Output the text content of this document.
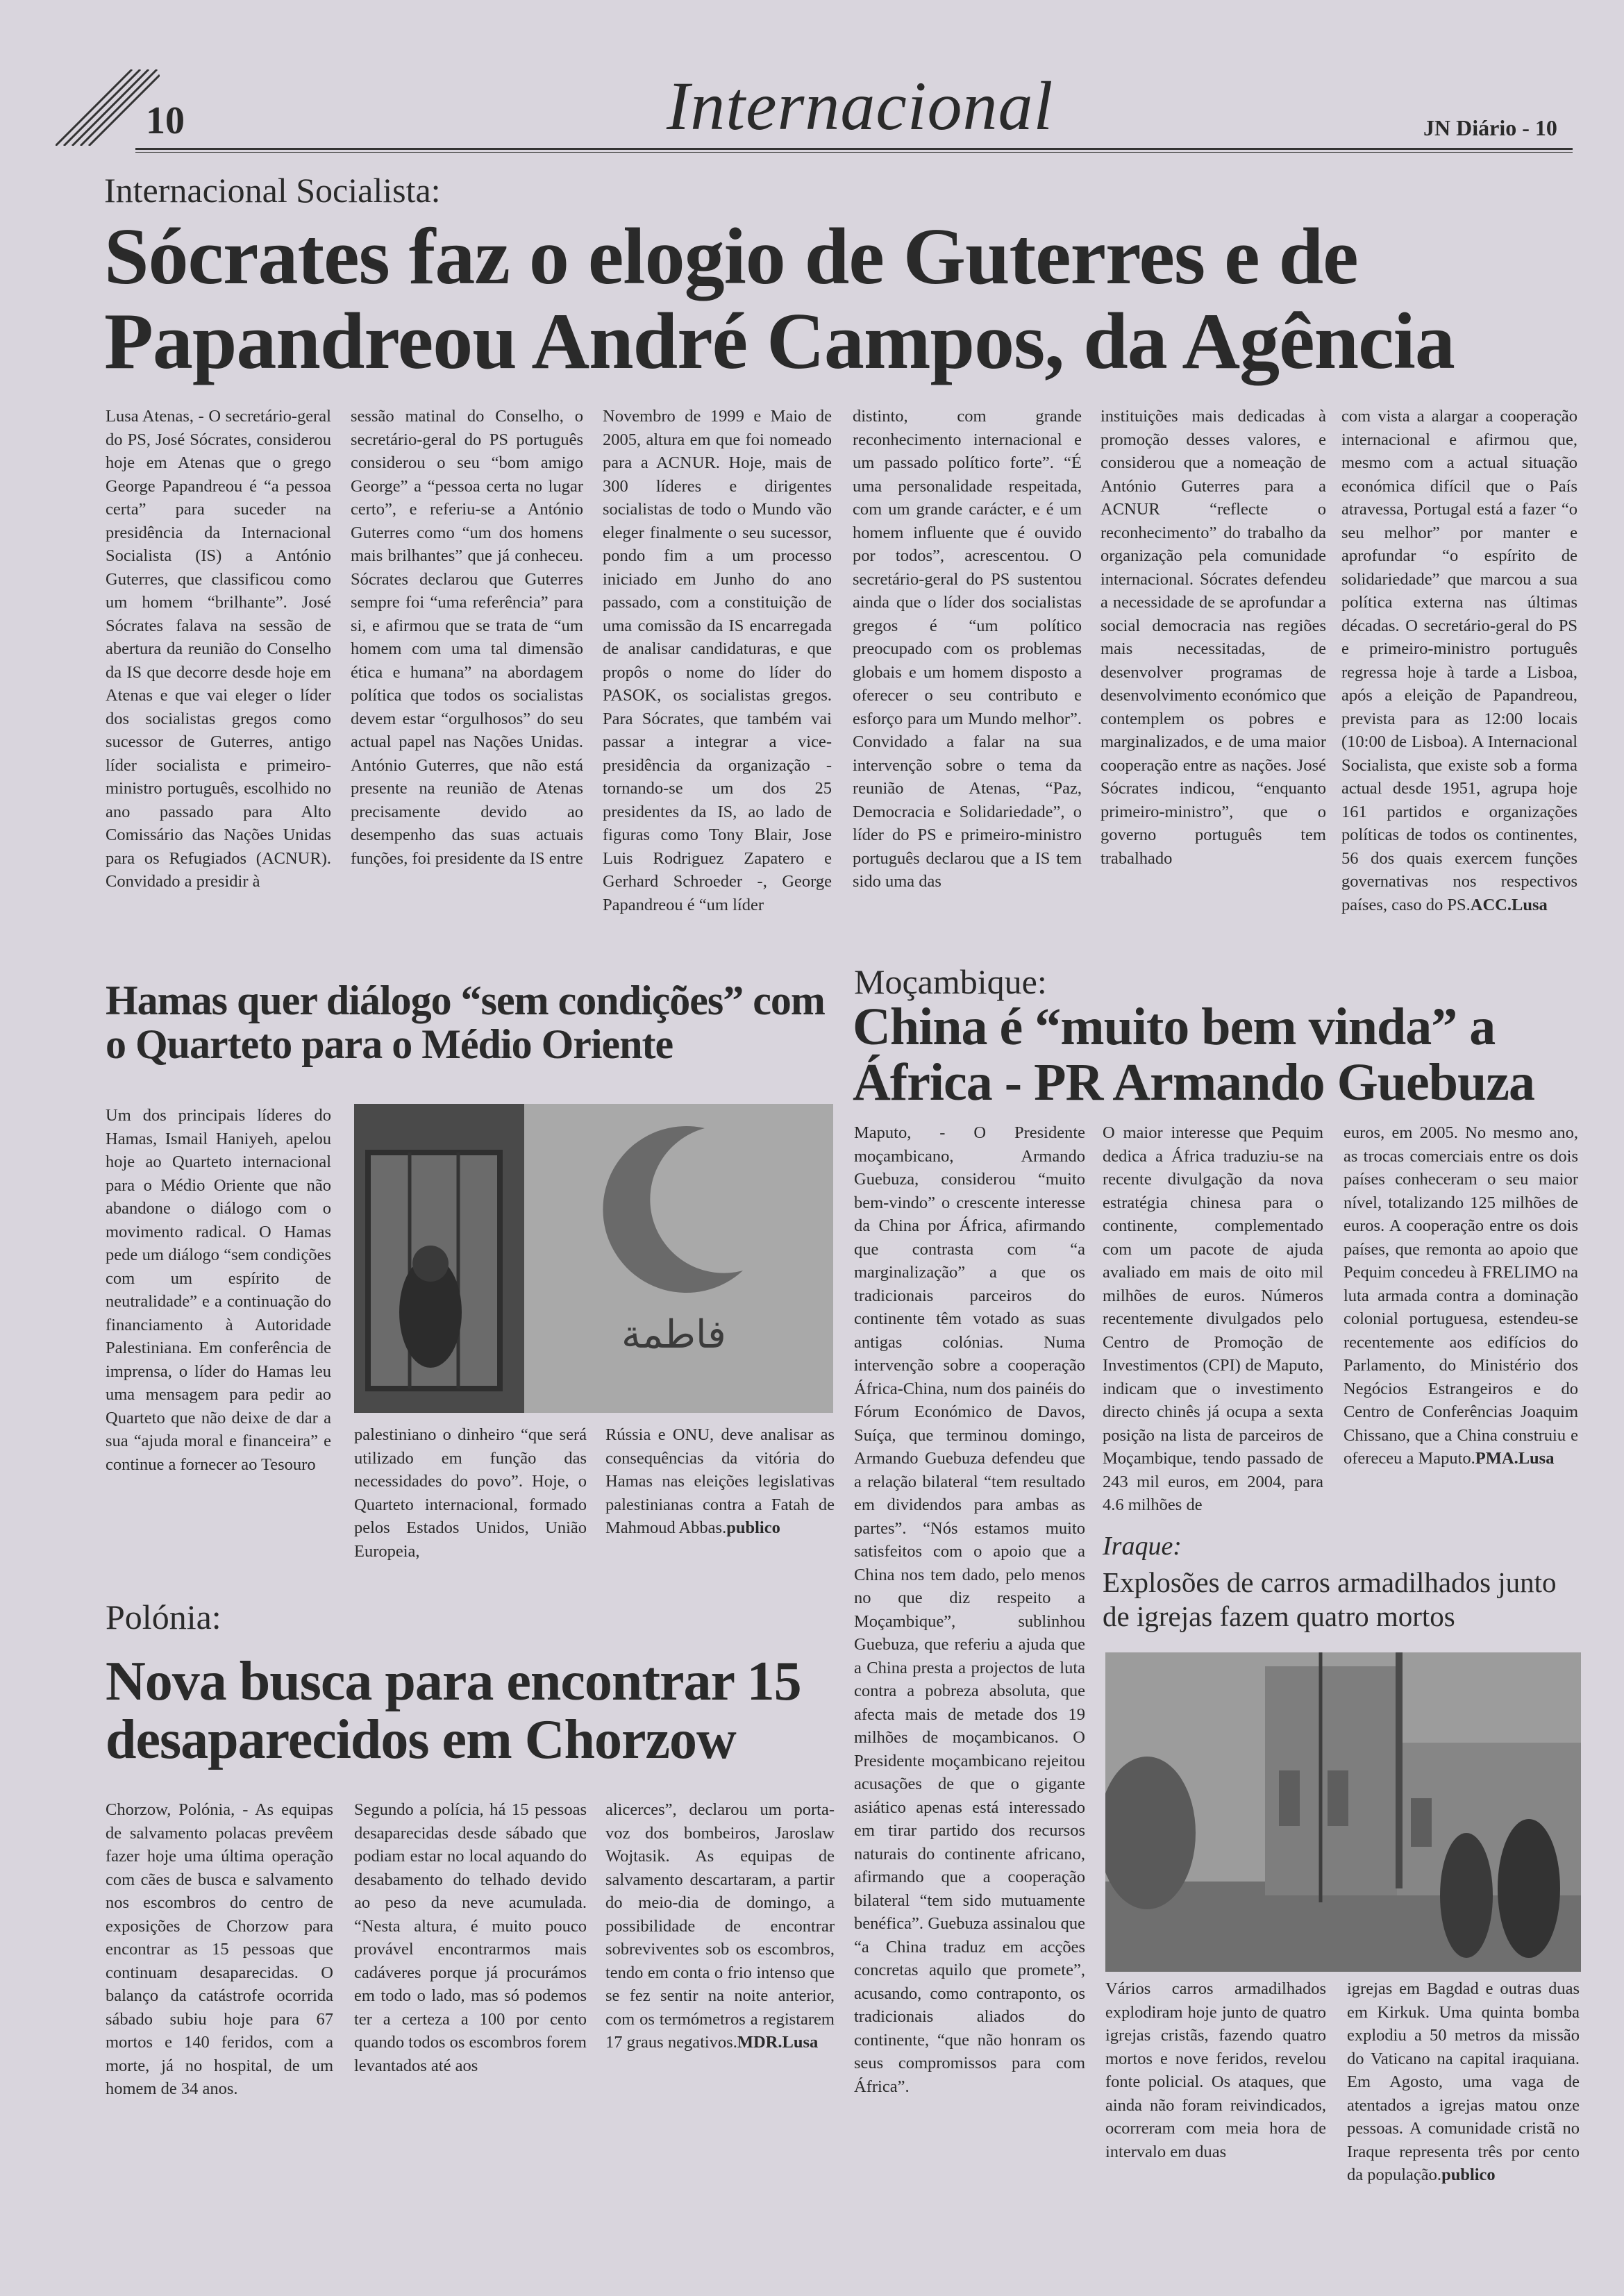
10	Internacional	JN Diário - 10
Internacional Socialista:
Sócrates faz o elogio de Guterres e de Papandreou André Campos, da Agência

Lusa Atenas, - O secretário-geral do PS, José Sócrates, considerou hoje em Atenas que o grego George Papandreou é “a pessoa certa” para suceder na presidência da Internacional Socialista (IS) a António Guterres, que classificou como um homem “brilhante”. José Sócrates falava na sessão de abertura da reunião do Conselho da IS que decorre desde hoje em Atenas e que vai eleger o líder dos socialistas gregos como sucessor de Guterres, antigo líder socialista e primeiro-ministro português, escolhido no ano passado para Alto Comissário das Nações Unidas para os Refugiados (ACNUR). Convidado a presidir à

sessão matinal do Conselho, o secretário-geral do PS português considerou o seu “bom amigo George” a “pessoa certa no lugar certo”, e referiu-se a António Guterres como “um dos homens mais brilhantes” que já conheceu. Sócrates declarou que Guterres sempre foi “uma referência” para si, e afirmou que se trata de “um homem com uma tal dimensão ética e humana” na abordagem política que todos os socialistas devem estar “orgulhosos” do seu actual papel nas Nações Unidas. António Guterres, que não está presente na reunião de Atenas precisamente devido ao desempenho das suas actuais funções, foi presidente da IS entre

Novembro de 1999 e Maio de 2005, altura em que foi nomeado para a ACNUR. Hoje, mais de 300 líderes e dirigentes socialistas de todo o Mundo vão eleger finalmente o seu sucessor, pondo fim a um processo iniciado em Junho do ano passado, com a constituição de uma comissão da IS encarregada de analisar candidaturas, e que propôs o nome do líder do PASOK, os socialistas gregos. Para Sócrates, que também vai passar a integrar a vice-presidência da organização - tornando-se um dos 25 presidentes da IS, ao lado de figuras como Tony Blair, Jose Luis Rodriguez Zapatero e Gerhard Schroeder -, George Papandreou é “um líder

distinto, com grande reconhecimento internacional e um passado político forte”. “É uma personalidade respeitada, com um grande carácter, e é um homem influente que é ouvido por todos”, acrescentou. O secretário-geral do PS sustentou ainda que o líder dos socialistas gregos é “um político preocupado com os problemas globais e um homem disposto a oferecer o seu contributo e esforço para um Mundo melhor”. Convidado a falar na sua intervenção sobre o tema da reunião de Atenas, “Paz, Democracia e Solidariedade”, o líder do PS e primeiro-ministro português declarou que a IS tem sido uma das

instituições mais dedicadas à promoção desses valores, e considerou que a nomeação de António Guterres para a ACNUR “reflecte o reconhecimento” do trabalho da organização pela comunidade internacional. Sócrates defendeu a necessidade de se aprofundar a social democracia nas regiões mais necessitadas, de desenvolver programas de desenvolvimento económico que contemplem os pobres e marginalizados, e de uma maior cooperação entre as nações. José Sócrates indicou, “enquanto primeiro-ministro”, que o governo português tem trabalhado

com vista a alargar a cooperação internacional e afirmou que, mesmo com a actual situação económica difícil que o País atravessa, Portugal está a fazer “o seu melhor” por manter e aprofundar “o espírito de solidariedade” que marcou a sua política externa nas últimas décadas. O secretário-geral do PS e primeiro-ministro português regressa hoje à tarde a Lisboa, após a eleição de Papandreou, prevista para as 12:00 locais (10:00 de Lisboa). A Internacional Socialista, que existe sob a forma actual desde 1951, agrupa hoje 161 partidos e organizações políticas de todos os continentes, 56 dos quais exercem funções governativas nos respectivos países, caso do PS.ACC.Lusa

Hamas quer diálogo “sem condições” com o Quarteto para o Médio Oriente

Um dos principais líderes do Hamas, Ismail Haniyeh, apelou hoje ao Quarteto internacional para o Médio Oriente que não abandone o diálogo com o movimento radical. O Hamas pede um diálogo “sem condições com um espírito de neutralidade” e a continuação do financiamento à Autoridade Palestiniana. Em conferência de imprensa, o líder do Hamas leu uma mensagem para pedir ao Quarteto que não deixe de dar a sua “ajuda moral e financeira” e continue a fornecer ao Tesouro

فاطمة

palestiniano o dinheiro “que será utilizado em função das necessidades do povo”. Hoje, o Quarteto internacional, formado pelos Estados Unidos, União Europeia,

Rússia e ONU, deve analisar as consequências da vitória do Hamas nas eleições legislativas palestinianas contra a Fatah de Mahmoud Abbas.publico

Polónia:
Nova busca para encontrar 15 desaparecidos em Chorzow

Chorzow, Polónia, - As equipas de salvamento polacas prevêem fazer hoje uma última operação com cães de busca e salvamento nos escombros do centro de exposições de Chorzow para encontrar as 15 pessoas que continuam desaparecidas. O balanço da catástrofe ocorrida sábado subiu hoje para 67 mortos e 140 feridos, com a morte, já no hospital, de um homem de 34 anos.

Segundo a polícia, há 15 pessoas desaparecidas desde sábado que podiam estar no local aquando do desabamento do telhado devido ao peso da neve acumulada. “Nesta altura, é muito pouco provável encontrarmos mais cadáveres porque já procurámos em todo o lado, mas só podemos ter a certeza a 100 por cento quando todos os escombros forem levantados até aos

alicerces”, declarou um porta-voz dos bombeiros, Jaroslaw Wojtasik. As equipas de salvamento descartaram, a partir do meio-dia de domingo, a possibilidade de encontrar sobreviventes sob os escombros, tendo em conta o frio intenso que se fez sentir na noite anterior, com os termómetros a registarem 17 graus negativos.MDR.Lusa

Moçambique:
China é “muito bem vinda” a África - PR Armando Guebuza

Maputo, - O Presidente moçambicano, Armando Guebuza, considerou “muito bem-vindo” o crescente interesse da China por África, afirmando que contrasta com “a marginalização” a que os tradicionais parceiros do continente têm votado as suas antigas colónias. Numa intervenção sobre a cooperação África-China, num dos painéis do Fórum Económico de Davos, Suíça, que terminou domingo, Armando Guebuza defendeu que a relação bilateral “tem resultado em dividendos para ambas as partes”. “Nós estamos muito satisfeitos com o apoio que a China nos tem dado, pelo menos no que diz respeito a Moçambique”, sublinhou Guebuza, que referiu a ajuda que a China presta a projectos de luta contra a pobreza absoluta, que afecta mais de metade dos 19 milhões de moçambicanos. O Presidente moçambicano rejeitou acusações de que o gigante asiático apenas está interessado em tirar partido dos recursos naturais do continente africano, afirmando que a cooperação bilateral “tem sido mutuamente benéfica”. Guebuza assinalou que “a China traduz em acções concretas aquilo que promete”, acusando, como contraponto, os tradicionais aliados do continente, “que não honram os seus compromissos para com África”.

O maior interesse que Pequim dedica a África traduziu-se na recente divulgação da nova estratégia chinesa para o continente, complementado com um pacote de ajuda avaliado em mais de oito mil milhões de euros. Números recentemente divulgados pelo Centro de Promoção de Investimentos (CPI) de Maputo, indicam que o investimento directo chinês já ocupa a sexta posição na lista de parceiros de Moçambique, tendo passado de 243 mil euros, em 2004, para 4.6 milhões de

euros, em 2005. No mesmo ano, as trocas comerciais entre os dois países conheceram o seu maior nível, totalizando 125 milhões de euros. A cooperação entre os dois países, que remonta ao apoio que Pequim concedeu à FRELIMO na luta armada contra a dominação colonial portuguesa, estendeu-se recentemente aos edifícios do Parlamento, do Ministério dos Negócios Estrangeiros e do Centro de Conferências Joaquim Chissano, que a China construiu e ofereceu a Maputo.PMA.Lusa

Iraque:
Explosões de carros armadilhados junto de igrejas fazem quatro mortos

Vários carros armadilhados explodiram hoje junto de quatro igrejas cristãs, fazendo quatro mortos e nove feridos, revelou fonte policial. Os ataques, que ainda não foram reivindicados, ocorreram com meia hora de intervalo em duas

igrejas em Bagdad e outras duas em Kirkuk. Uma quinta bomba explodiu a 50 metros da missão do Vaticano na capital iraquiana. Em Agosto, uma vaga de atentados a igrejas matou onze pessoas. A comunidade cristã no Iraque representa três por cento da população.publico
